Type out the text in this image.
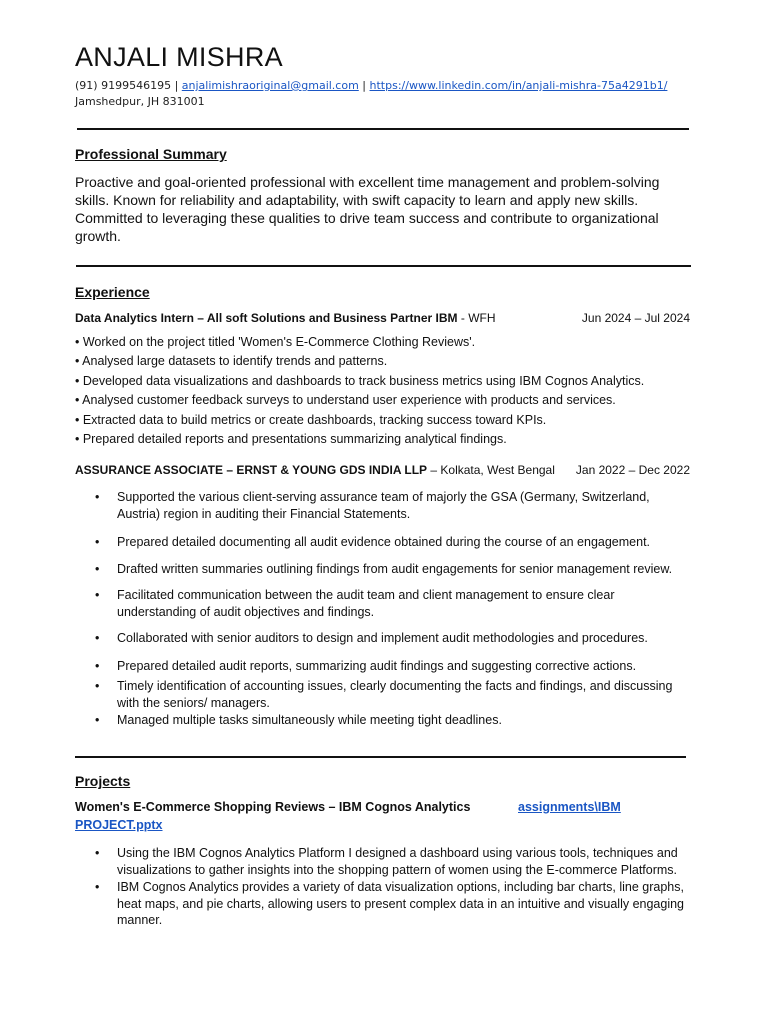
ANJALI MISHRA
(91) 9199546195 | anjalimishraoriginal@gmail.com | https://www.linkedin.com/in/anjali-mishra-75a4291b1/
Jamshedpur, JH 831001
Professional Summary
Proactive and goal-oriented professional with excellent time management and problem-solving skills. Known for reliability and adaptability, with swift capacity to learn and apply new skills. Committed to leveraging these qualities to drive team success and contribute to organizational growth.
Experience
Data Analytics Intern – All soft Solutions and Business Partner IBM - WFH	Jun 2024 – Jul 2024
• Worked on the project titled 'Women's E-Commerce Clothing Reviews'.
• Analysed large datasets to identify trends and patterns.
• Developed data visualizations and dashboards to track business metrics using IBM Cognos Analytics.
• Analysed customer feedback surveys to understand user experience with products and services.
• Extracted data to build metrics or create dashboards, tracking success toward KPIs.
• Prepared detailed reports and presentations summarizing analytical findings.
ASSURANCE ASSOCIATE – ERNST & YOUNG GDS INDIA LLP – Kolkata, West Bengal Jan 2022 – Dec 2022
• Supported the various client-serving assurance team of majorly the GSA (Germany, Switzerland, Austria) region in auditing their Financial Statements.
• Prepared detailed documenting all audit evidence obtained during the course of an engagement.
• Drafted written summaries outlining findings from audit engagements for senior management review.
• Facilitated communication between the audit team and client management to ensure clear understanding of audit objectives and findings.
• Collaborated with senior auditors to design and implement audit methodologies and procedures.
• Prepared detailed audit reports, summarizing audit findings and suggesting corrective actions.
• Timely identification of accounting issues, clearly documenting the facts and findings, and discussing with the seniors/ managers.
• Managed multiple tasks simultaneously while meeting tight deadlines.
Projects
Women's E-Commerce Shopping Reviews – IBM Cognos Analytics	assignments\IBM
PROJECT.pptx
• Using the IBM Cognos Analytics Platform I designed a dashboard using various tools, techniques and visualizations to gather insights into the shopping pattern of women using the E-commerce Platforms.
• IBM Cognos Analytics provides a variety of data visualization options, including bar charts, line graphs, heat maps, and pie charts, allowing users to present complex data in an intuitive and visually engaging manner.
